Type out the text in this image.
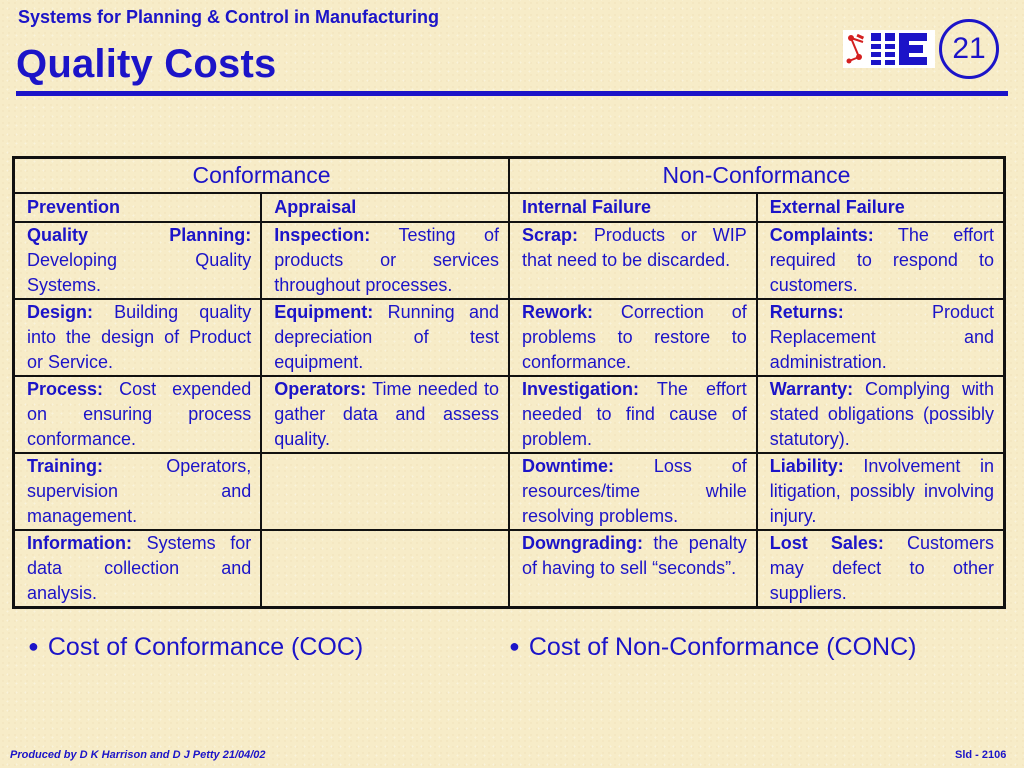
Systems for Planning & Control in Manufacturing
Quality Costs	21
Conformance		Non-Conformance	
Prevention	Appraisal	Internal Failure	External Failure
Quality Planning: Developing Quality Systems.	Inspection: Testing of products or services throughout processes.	Scrap: Products or WIP that need to be discarded.	Complaints: The effort required to respond to customers.
Design: Building quality into the design of Product or Service.	Equipment: Running and depreciation of test equipment.	Rework: Correction of problems to restore to conformance.	Returns: Product Replacement and administration.
Process: Cost expended on ensuring process conformance.	Operators: Time needed to gather data and assess quality.	Investigation: The effort needed to find cause of problem.	Warranty: Complying with stated obligations (possibly statutory).
Training: Operators, supervision and management.		Downtime: Loss of resources/time while resolving problems.	Liability: Involvement in litigation, possibly involving injury.
Information: Systems for data collection and analysis.		Downgrading: the penalty of having to sell “seconds”.	Lost Sales: Customers may defect to other suppliers.
● Cost of Conformance (COC)	● Cost of Non-Conformance (CONC)
Produced by D K Harrison and D J Petty 21/04/02	Sld - 2106
